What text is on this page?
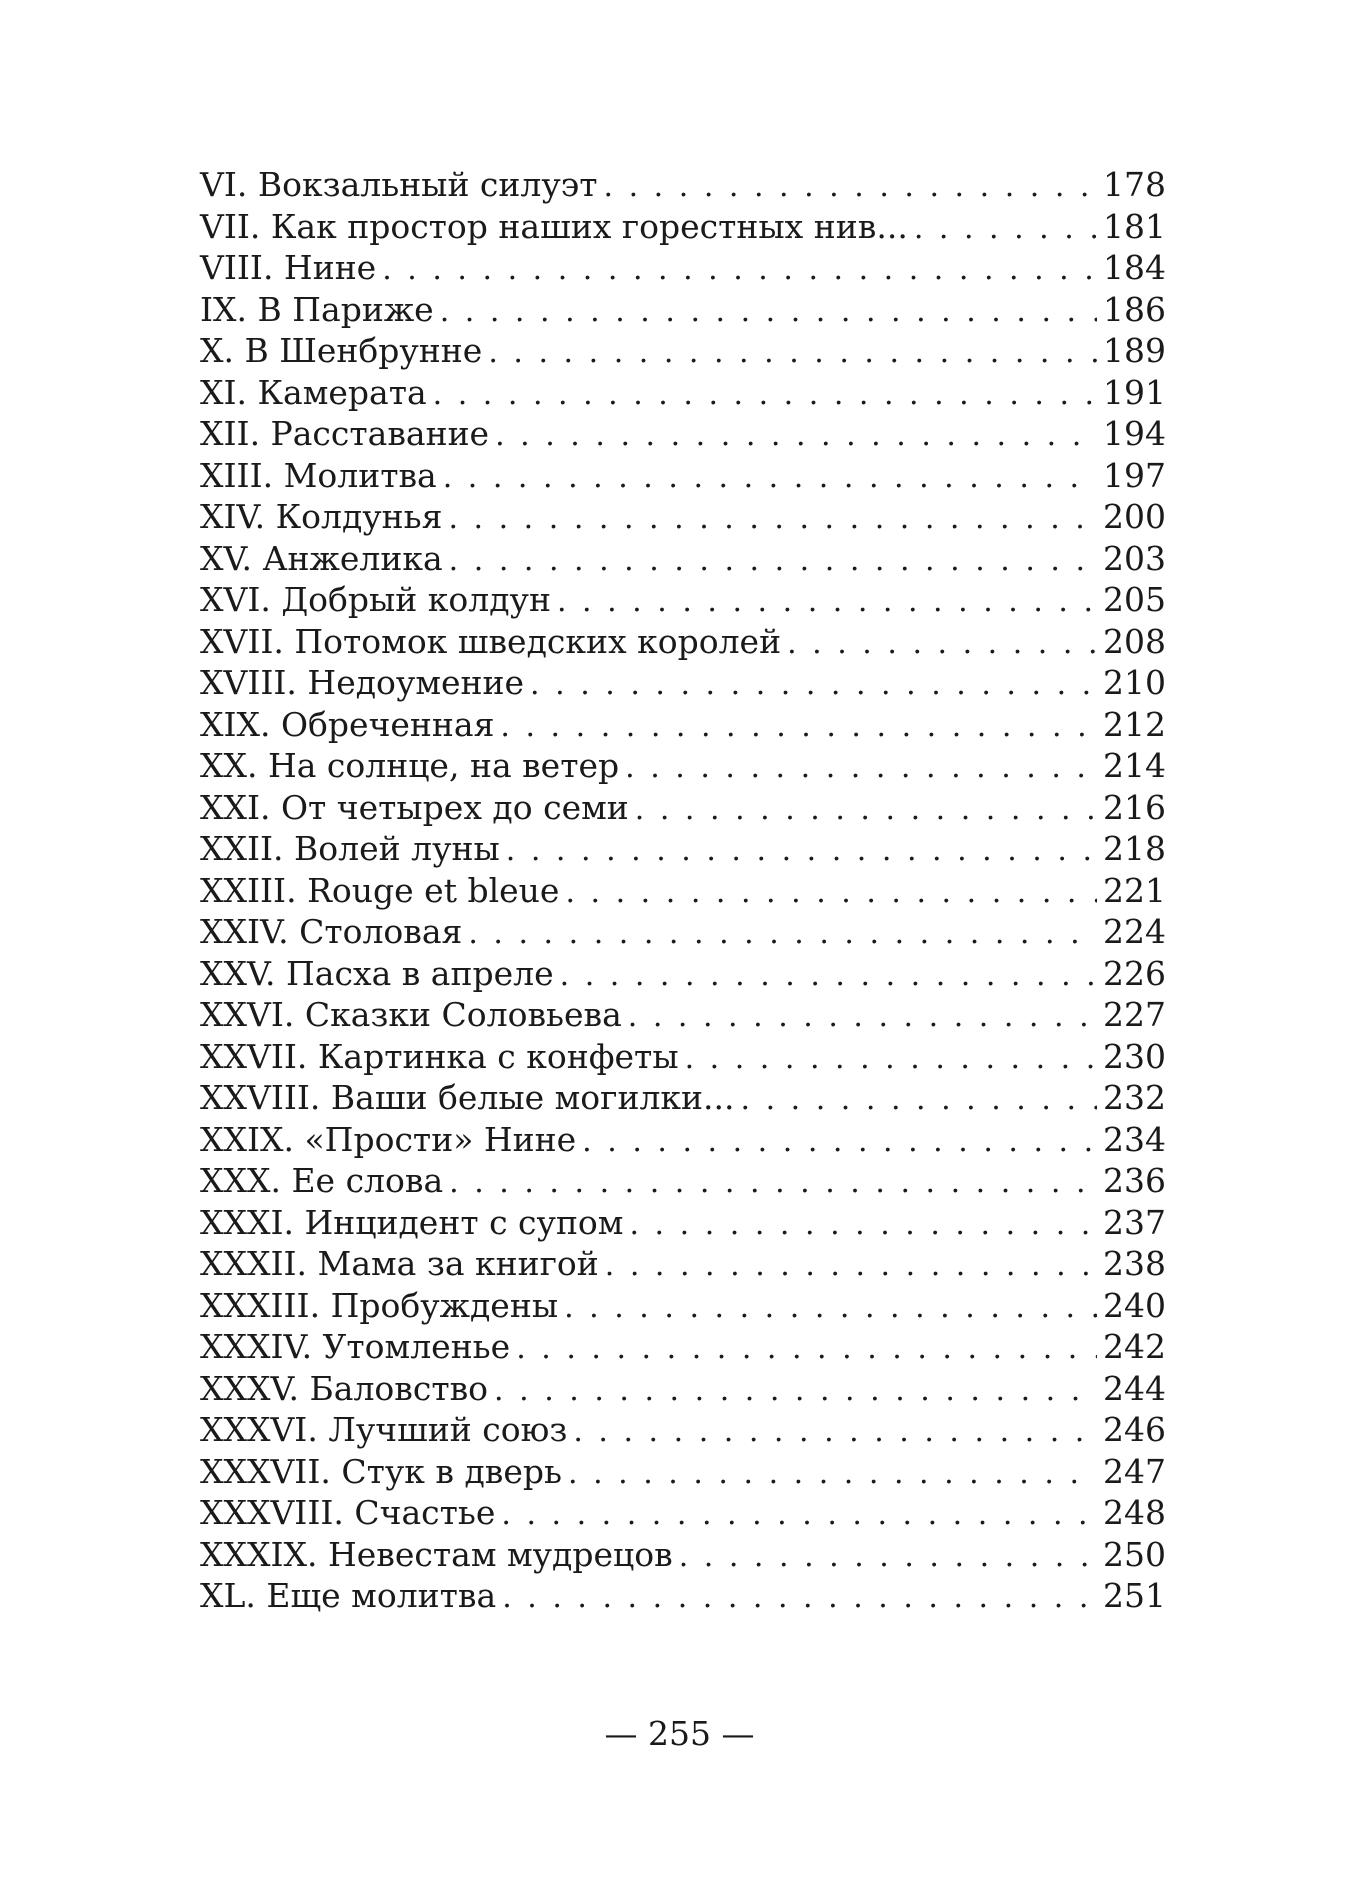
VI. Вокзальный силуэт . . .	178
VII. Как простор наших горестных нив... . . .	181
VIII. Нине . . .	184
IX. В Париже . . .	186
X. В Шенбрунне . . .	189
XI. Камерата . . .	191
XII. Расставание . . .	194
XIII. Молитва . . .	197
XIV. Колдунья . . .	200
XV. Анжелика . . .	203
XVI. Добрый колдун . . .	205
XVII. Потомок шведских королей . . .	208
XVIII. Недоумение . . .	210
XIX. Обреченная . . .	212
XX. На солнце, на ветер . . .	214
XXI. От четырех до семи . . .	216
XXII. Волей луны . . .	218
XXIII. Rouge et bleue . . .	221
XXIV. Столовая . . .	224
XXV. Пасха в апреле . . .	226
XXVI. Сказки Соловьева . . .	227
XXVII. Картинка с конфеты . . .	230
XXVIII. Ваши белые могилки... . . .	232
XXIX. «Прости» Нине . . .	234
XXX. Ее слова . . .	236
XXXI. Инцидент с супом . . .	237
XXXII. Мама за книгой . . .	238
XXXIII. Пробуждены . . .	240
XXXIV. Утомленье . . .	242
XXXV. Баловство . . .	244
XXXVI. Лучший союз . . .	246
XXXVII. Стук в дверь . . .	247
XXXVIII. Счастье . . .	248
XXXIX. Невестам мудрецов . . .	250
XL. Еще молитва . . .	251
— 255 —
